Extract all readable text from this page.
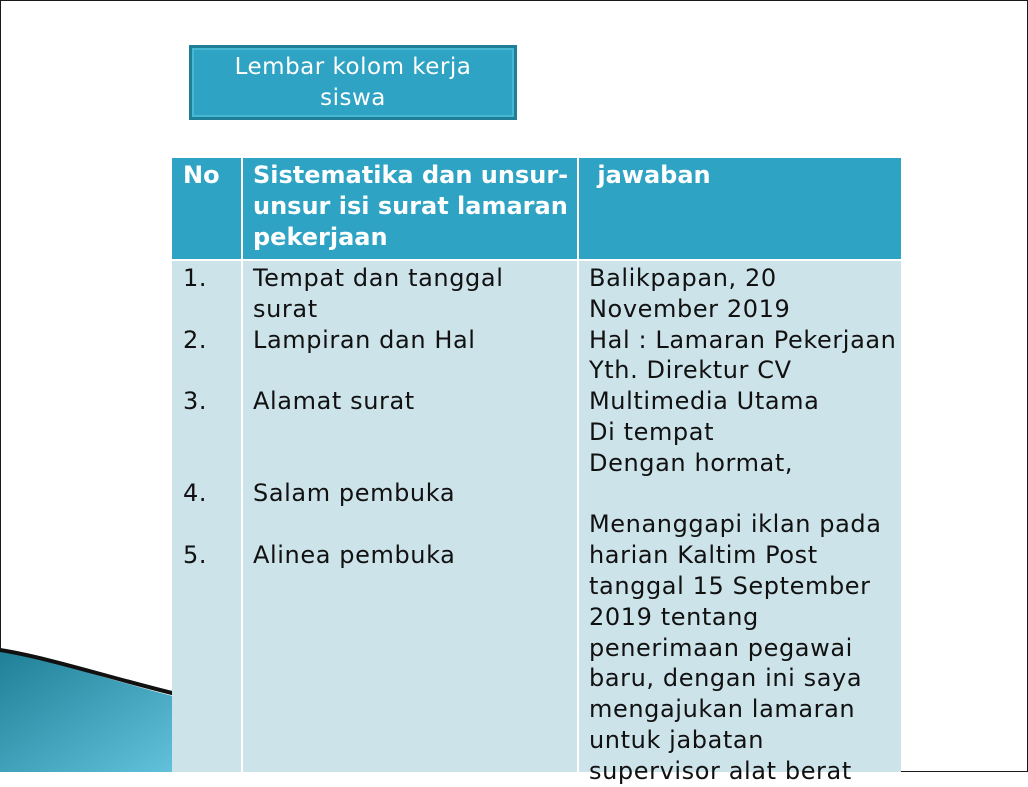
Lembar kolom kerja
siswa
No Sistematika dan unsur-
unsur isi surat lamaran
pekerjaan
jawaban
1.
2.
3.
4.
5.
Tempat dan tanggal
surat
Lampiran dan Hal
Alamat surat
Salam pembuka
Alinea pembuka
Balikpapan, 20
November 2019
Hal : Lamaran Pekerjaan
Yth. Direktur CV
Multimedia Utama
Di tempat
Dengan hormat,
Menanggapi iklan pada
harian Kaltim Post
tanggal 15 September
2019 tentang
penerimaan pegawai
baru, dengan ini saya
mengajukan lamaran
untuk jabatan
supervisor alat berat
